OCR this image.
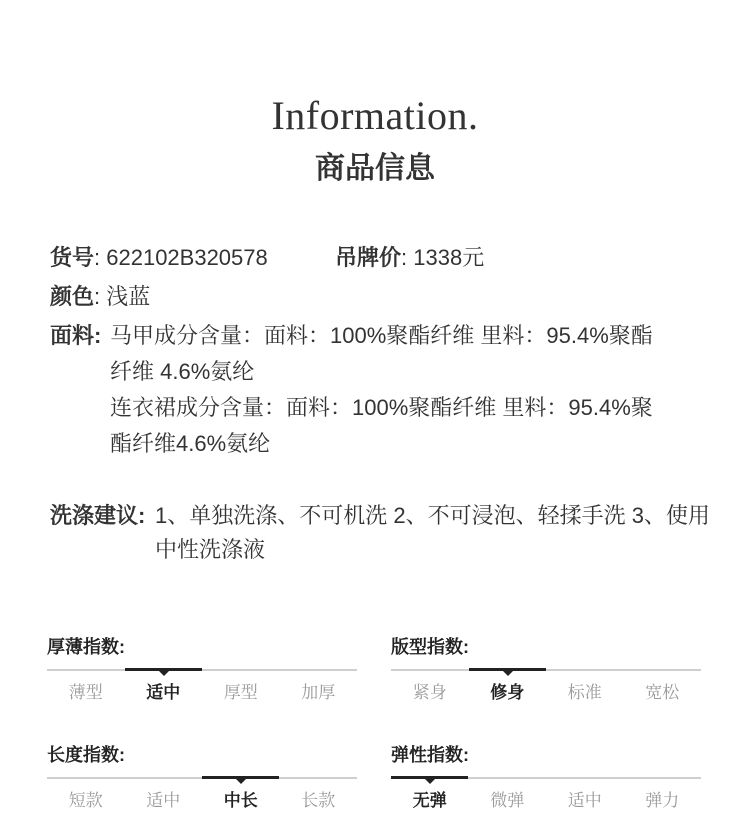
Information.
商品信息
货号: 622102B320578	吊牌价: 1338元
颜色: 浅蓝
面料: 马甲成分含量：面料：100%聚酯纤维 里料：95.4%聚酯纤维 4.6%氨纶
连衣裙成分含量：面料：100%聚酯纤维 里料：95.4%聚酯纤维4.6%氨纶
洗涤建议: 1、单独洗涤、不可机洗 2、不可浸泡、轻揉手洗 3、使用中性洗涤液
厚薄指数:
薄型	适中	厚型	加厚
版型指数:
紧身	修身	标准	宽松
长度指数:
短款	适中	中长	长款
弹性指数:
无弹	微弹	适中	弹力
